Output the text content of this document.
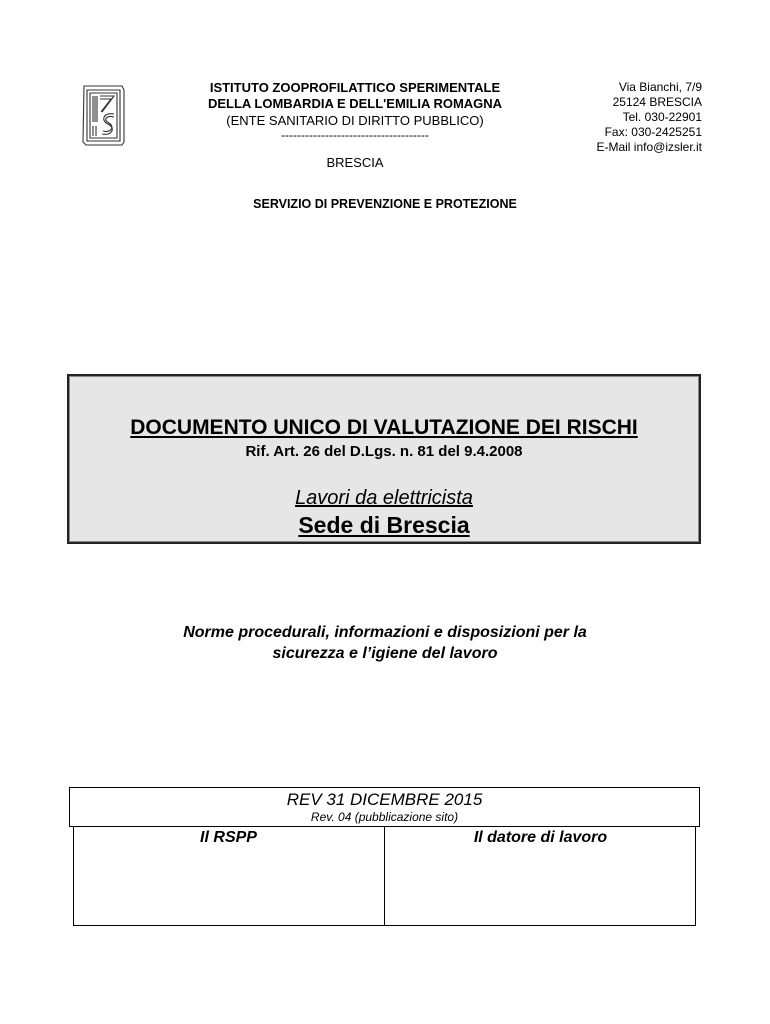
ISTITUTO ZOOPROFILATTICO SPERIMENTALE
DELLA LOMBARDIA E DELL'EMILIA ROMAGNA
(ENTE SANITARIO DI DIRITTO PUBBLICO)
-------------------------------------
Via Bianchi, 7/9
25124 BRESCIA
Tel. 030-22901
Fax: 030-2425251
E-Mail info@izsler.it
BRESCIA
SERVIZIO DI PREVENZIONE E PROTEZIONE
DOCUMENTO UNICO DI VALUTAZIONE DEI RISCHI
Rif. Art. 26 del D.Lgs. n. 81 del 9.4.2008
Lavori da elettricista
Sede di Brescia
Norme procedurali, informazioni e disposizioni per la
sicurezza e l’igiene del lavoro
REV 31 DICEMBRE 2015
Rev. 04 (pubblicazione sito)
Il RSPP	Il datore di lavoro
